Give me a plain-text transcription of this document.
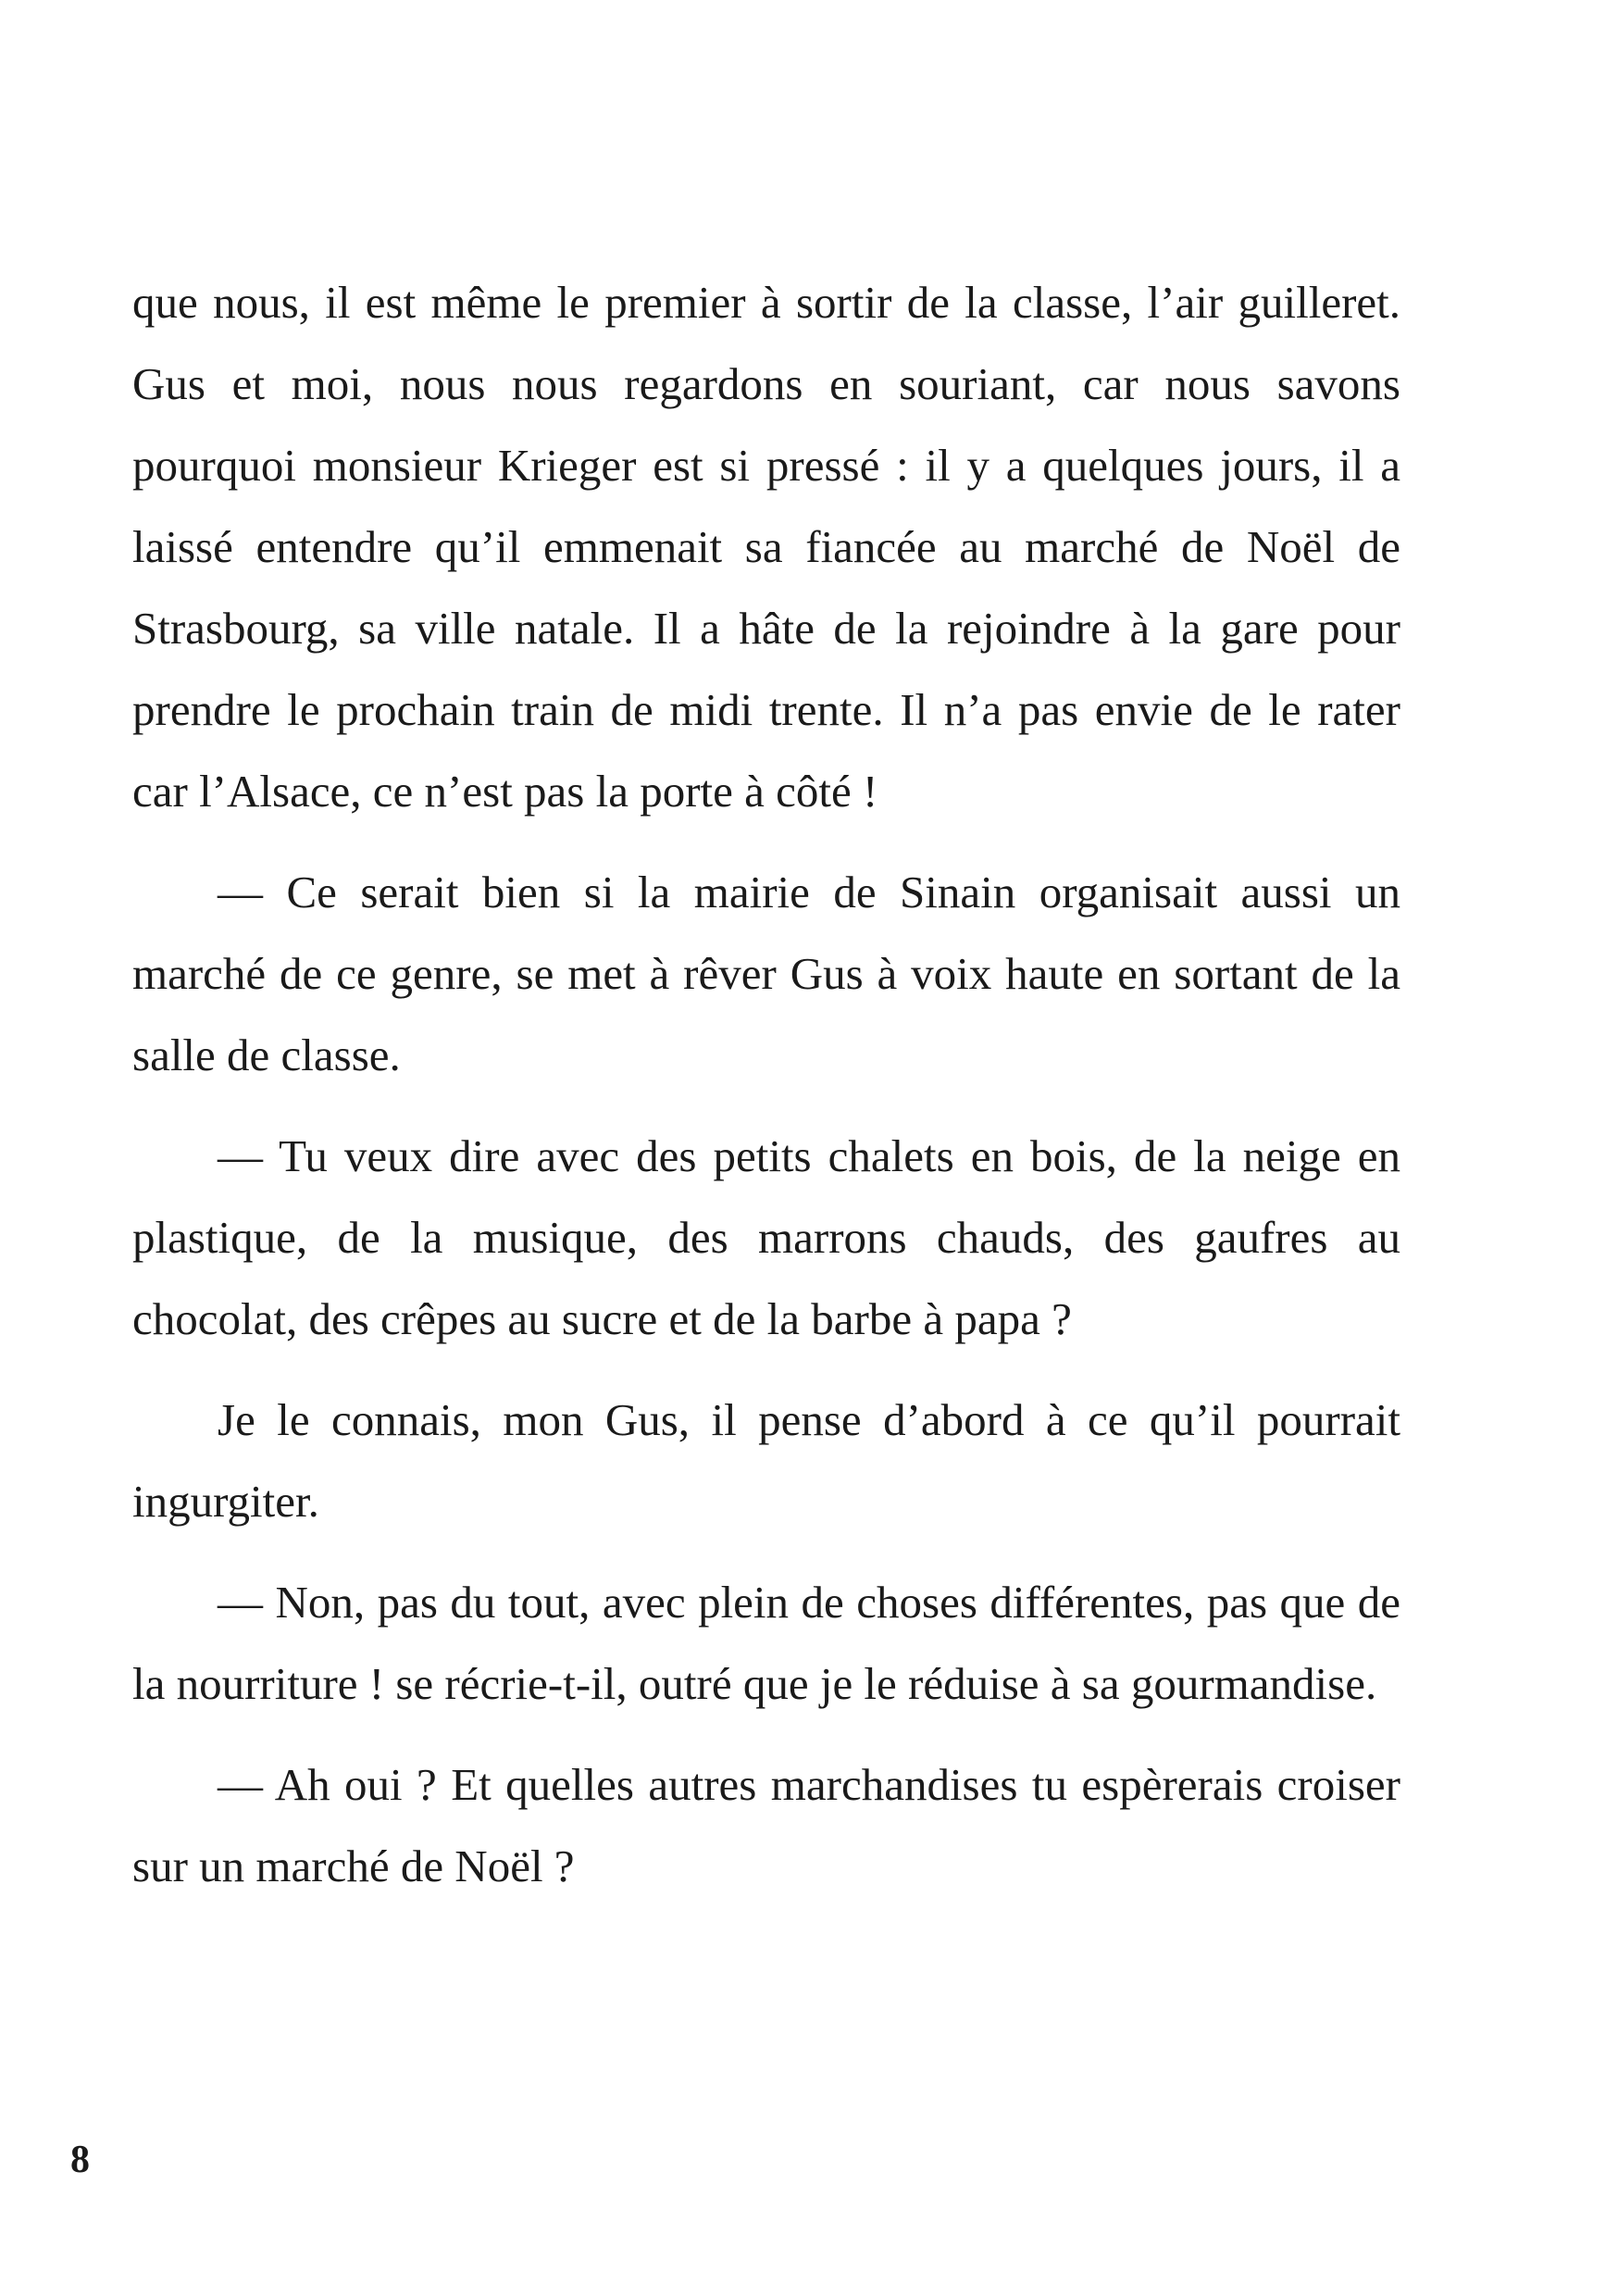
que nous, il est même le premier à sortir de la classe, l’air guilleret. Gus et moi, nous nous regardons en souriant, car nous savons pourquoi monsieur Krieger est si pressé : il y a quelques jours, il a laissé entendre qu’il emmenait sa fiancée au marché de Noël de Strasbourg, sa ville natale. Il a hâte de la rejoindre à la gare pour prendre le prochain train de midi trente. Il n’a pas envie de le rater car l’Alsace, ce n’est pas la porte à côté !

— Ce serait bien si la mairie de Sinain organisait aussi un marché de ce genre, se met à rêver Gus à voix haute en sortant de la salle de classe.

— Tu veux dire avec des petits chalets en bois, de la neige en plastique, de la musique, des marrons chauds, des gaufres au chocolat, des crêpes au sucre et de la barbe à papa ?

Je le connais, mon Gus, il pense d’abord à ce qu’il pourrait ingurgiter.

— Non, pas du tout, avec plein de choses différentes, pas que de la nourriture ! se récrie-t-il, outré que je le réduise à sa gourmandise.

— Ah oui ? Et quelles autres marchandises tu espèrerais croiser sur un marché de Noël ?

8
